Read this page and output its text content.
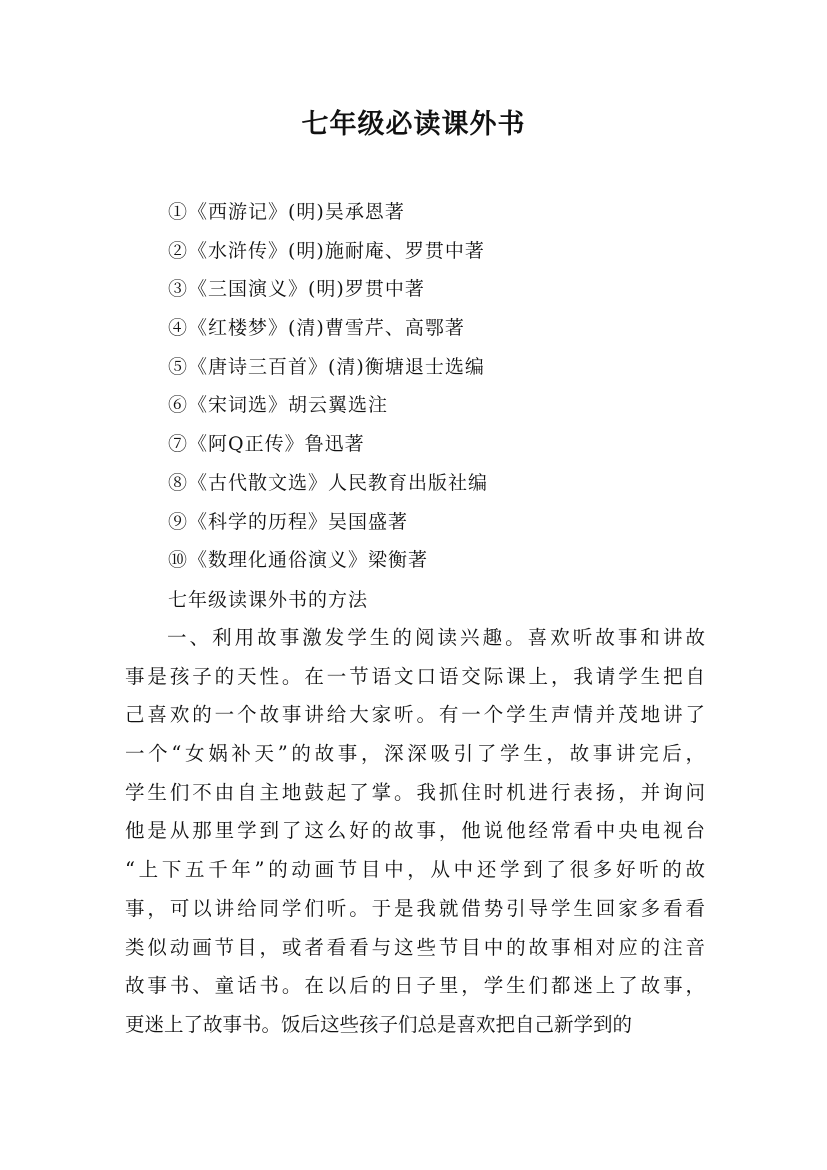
七年级必读课外书
①《西游记》(明)吴承恩著
②《水浒传》(明)施耐庵、罗贯中著
③《三国演义》(明)罗贯中著
④《红楼梦》(清)曹雪芹、高鄂著
⑤《唐诗三百首》(清)衡塘退士选编
⑥《宋词选》胡云翼选注
⑦《阿Q正传》鲁迅著
⑧《古代散文选》人民教育出版社编
⑨《科学的历程》吴国盛著
⑩《数理化通俗演义》梁衡著
七年级读课外书的方法
一、利用故事激发学生的阅读兴趣。喜欢听故事和讲故
事是孩子的天性。在一节语文口语交际课上，我请学生把自
己喜欢的一个故事讲给大家听。有一个学生声情并茂地讲了
一个“女娲补天”的故事，深深吸引了学生，故事讲完后，
学生们不由自主地鼓起了掌。我抓住时机进行表扬，并询问
他是从那里学到了这么好的故事，他说他经常看中央电视台
“上下五千年”的动画节目中，从中还学到了很多好听的故
事，可以讲给同学们听。于是我就借势引导学生回家多看看
类似动画节目，或者看看与这些节目中的故事相对应的注音
故事书、童话书。在以后的日子里，学生们都迷上了故事，
更迷上了故事书。饭后这些孩子们总是喜欢把自己新学到的
